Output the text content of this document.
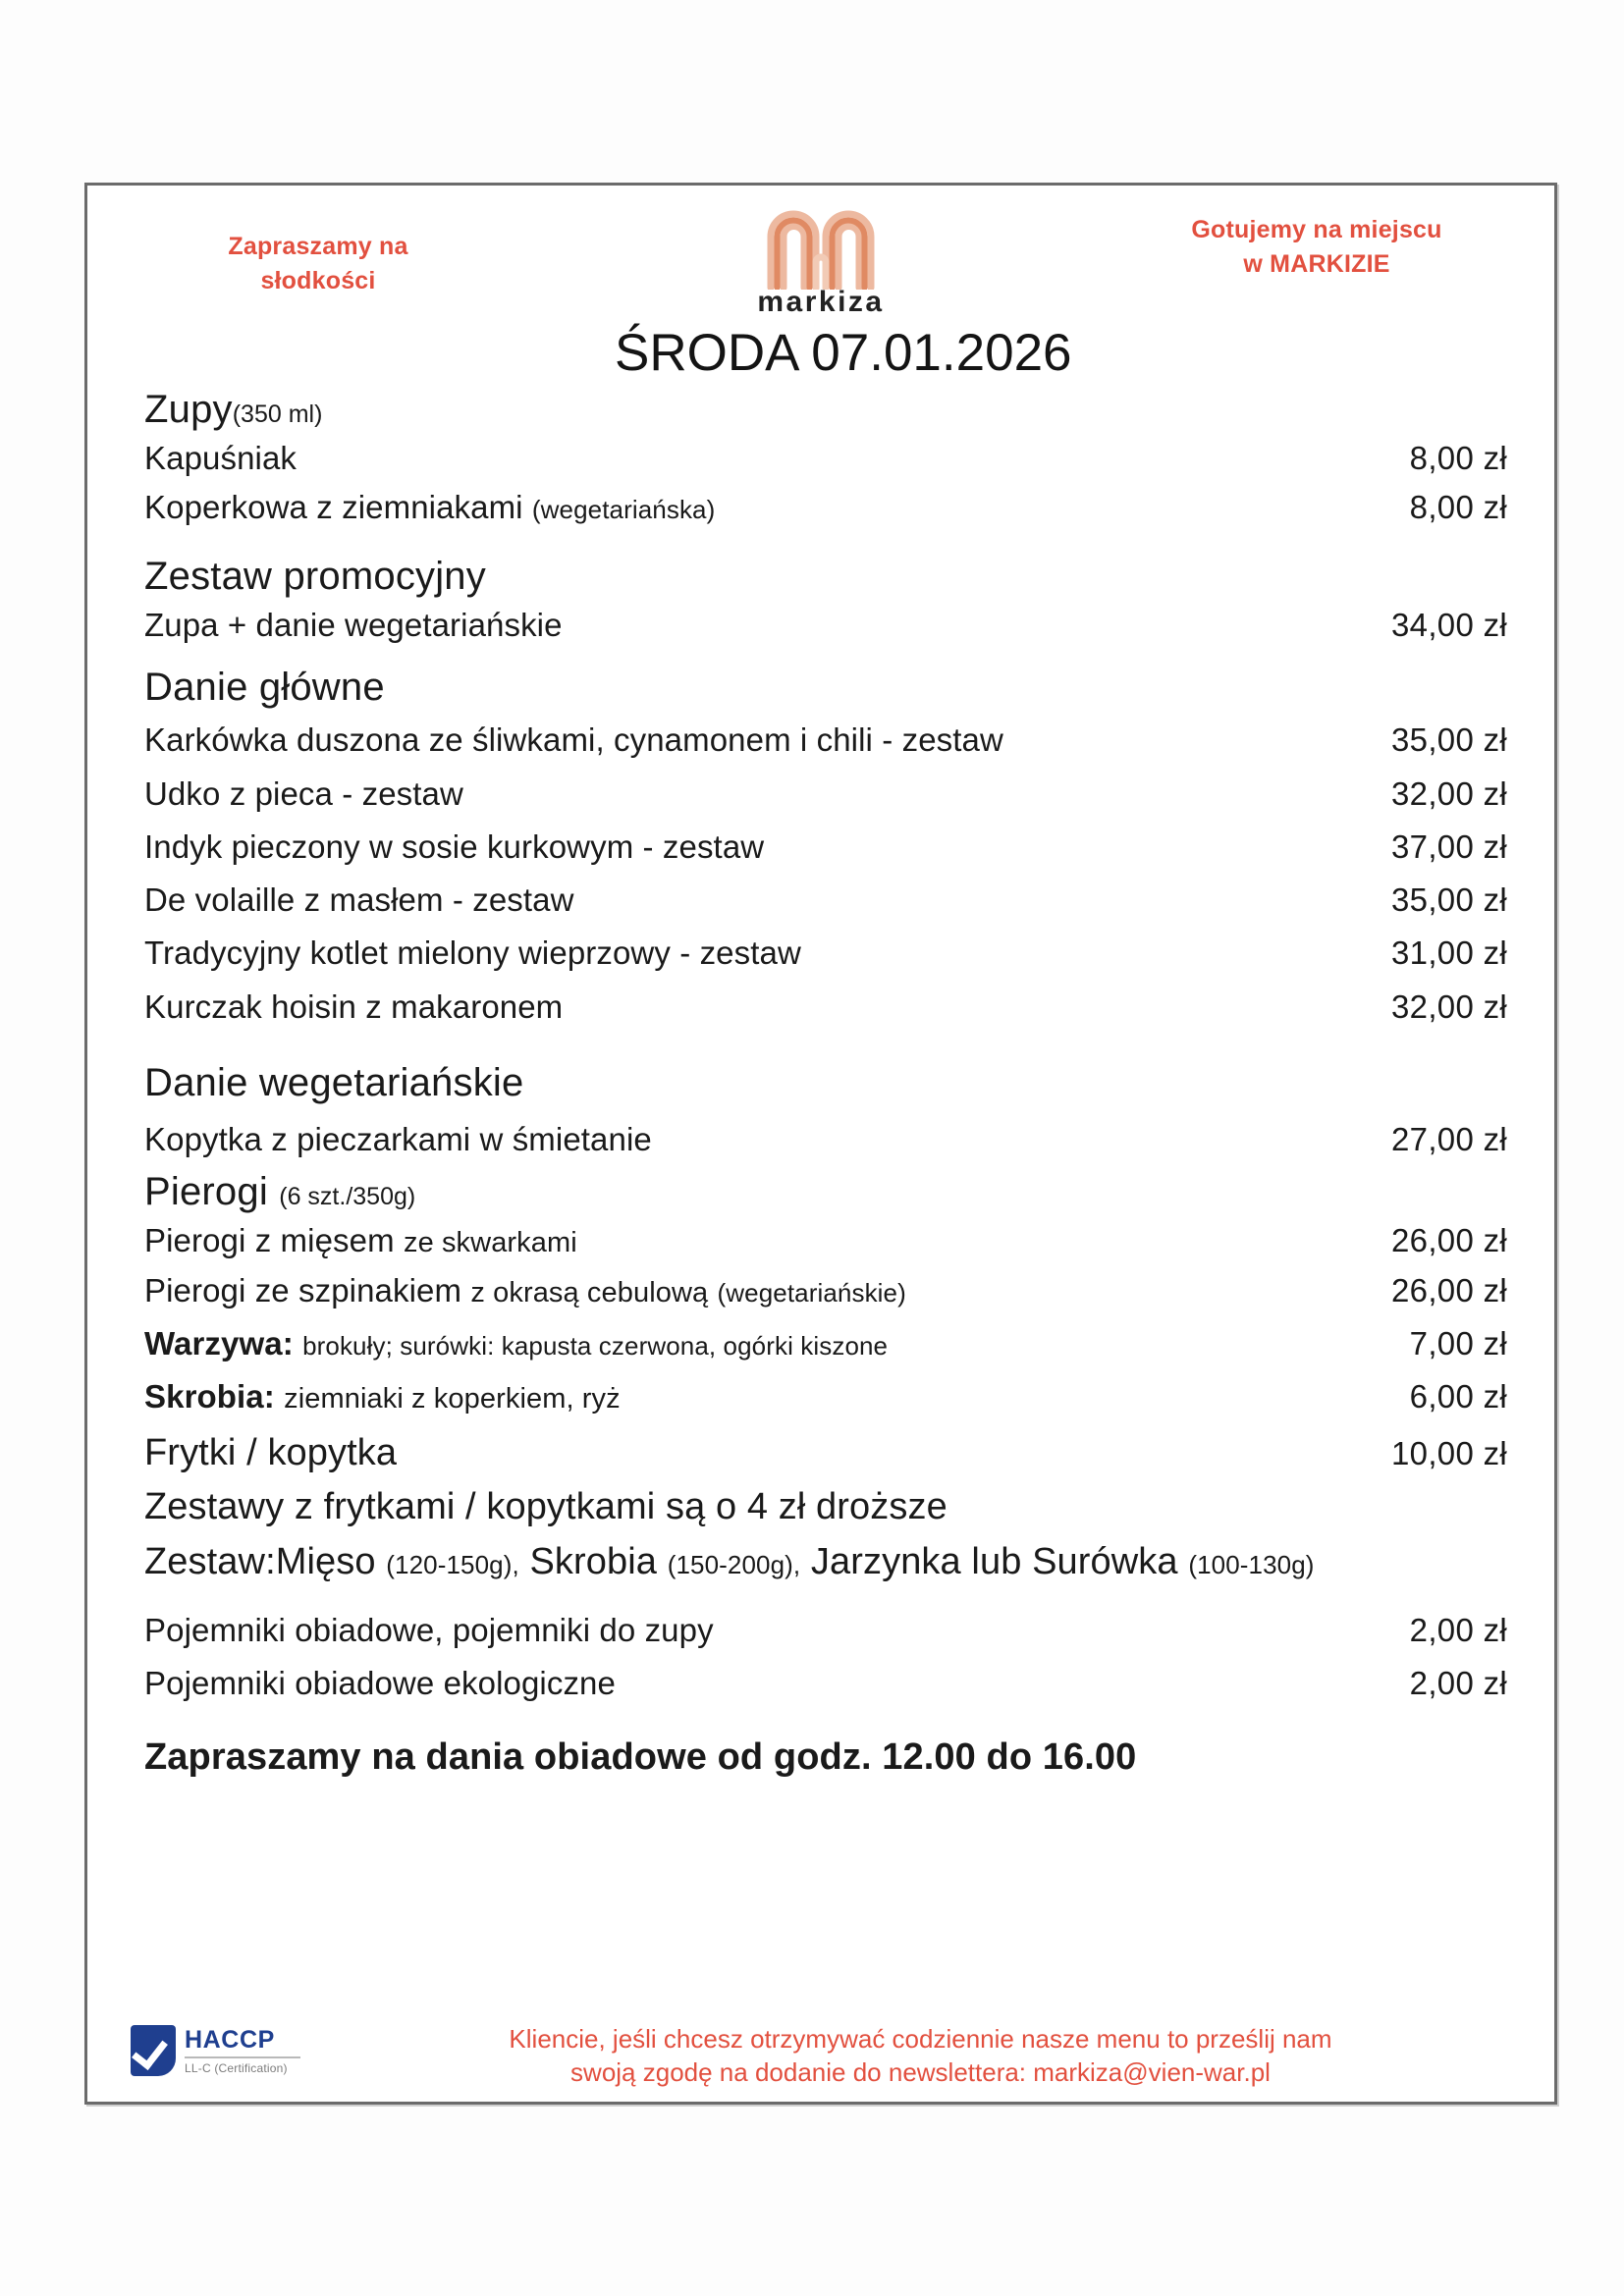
Zapraszamy na
słodkości
Gotujemy na miejscu
w MARKIZIE
markiza
ŚRODA 07.01.2026
Zupy(350 ml)
Kapuśniak	8,00 zł
Koperkowa z ziemniakami (wegetariańska)	8,00 zł
Zestaw promocyjny
Zupa + danie wegetariańskie	34,00 zł
Danie główne
Karkówka duszona ze śliwkami, cynamonem i chili - zestaw	35,00 zł
Udko z pieca - zestaw	32,00 zł
Indyk pieczony w sosie kurkowym - zestaw	37,00 zł
De volaille z masłem - zestaw	35,00 zł
Tradycyjny kotlet mielony wieprzowy - zestaw	31,00 zł
Kurczak hoisin z makaronem	32,00 zł
Danie wegetariańskie
Kopytka z pieczarkami w śmietanie	27,00 zł
Pierogi (6 szt./350g)
Pierogi z mięsem ze skwarkami	26,00 zł
Pierogi ze szpinakiem z okrasą cebulową (wegetariańskie)	26,00 zł
Warzywa: brokuły; surówki: kapusta czerwona, ogórki kiszone	7,00 zł
Skrobia: ziemniaki z koperkiem, ryż	6,00 zł
Frytki / kopytka	10,00 zł
Zestawy z frytkami / kopytkami są o 4 zł droższe
Zestaw:Mięso (120-150g), Skrobia (150-200g), Jarzynka lub Surówka (100-130g)
Pojemniki obiadowe, pojemniki do zupy	2,00 zł
Pojemniki obiadowe ekologiczne	2,00 zł
Zapraszamy na dania obiadowe od godz. 12.00 do 16.00
HACCP
LL-C (Certification)
Kliencie, jeśli chcesz otrzymywać codziennie nasze menu to prześlij nam
swoją zgodę na dodanie do newslettera: markiza@vien-war.pl
